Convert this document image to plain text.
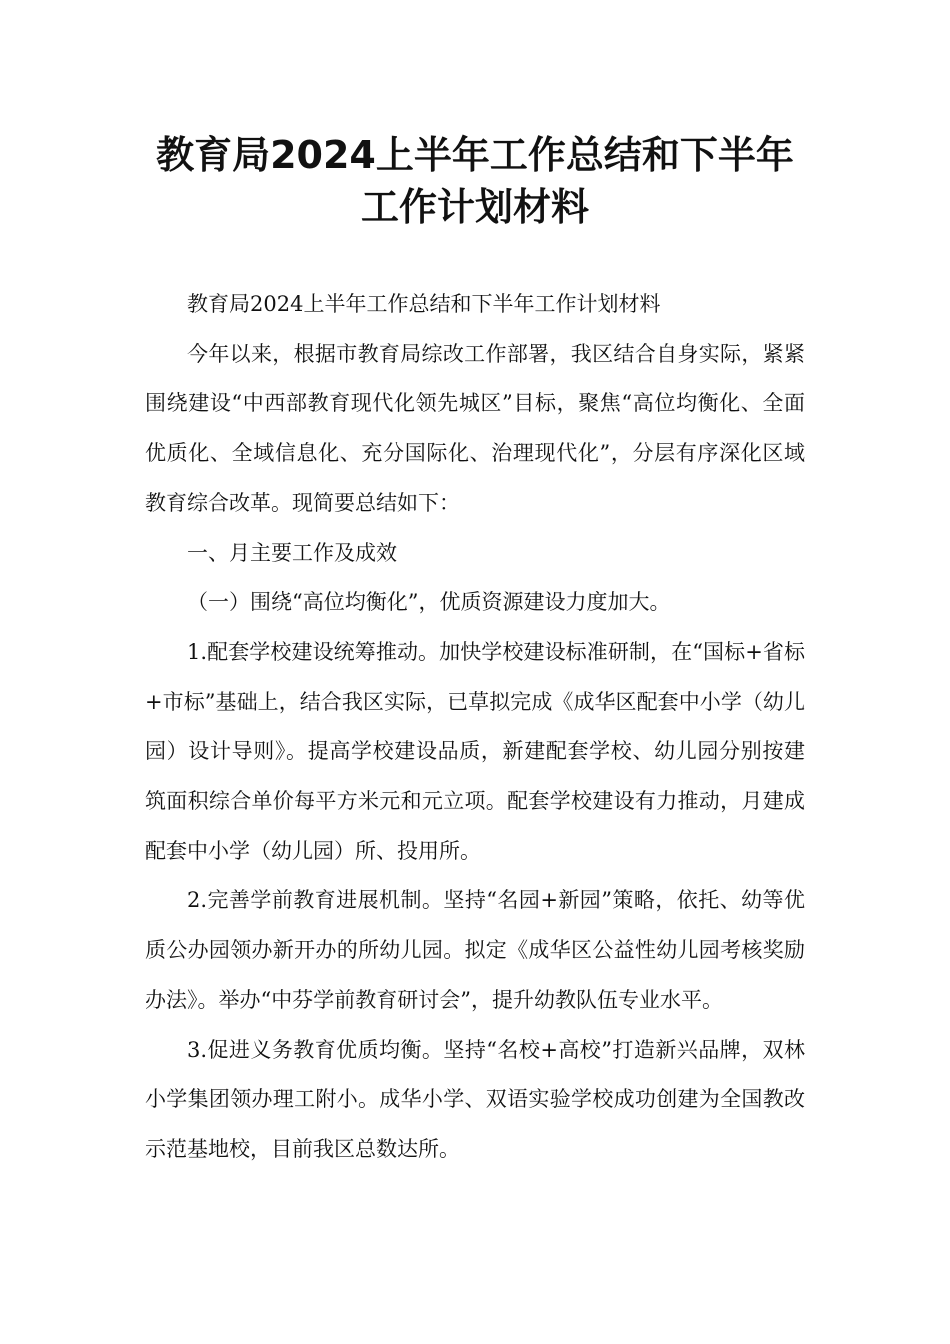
教育局2024上半年工作总结和下半年
工作计划材料

教育局2024上半年工作总结和下半年工作计划材料

今年以来，根据市教育局综改工作部署，我区结合自身实际，紧紧围绕建设“中西部教育现代化领先城区”目标，聚焦“高位均衡化、全面优质化、全域信息化、充分国际化、治理现代化”，分层有序深化区域教育综合改革。现简要总结如下：

一、月主要工作及成效

（一）围绕“高位均衡化”，优质资源建设力度加大。

1.配套学校建设统筹推动。加快学校建设标准研制，在“国标+省标+市标”基础上，结合我区实际，已草拟完成《成华区配套中小学（幼儿园）设计导则》。提高学校建设品质，新建配套学校、幼儿园分别按建筑面积综合单价每平方米元和元立项。配套学校建设有力推动，月建成配套中小学（幼儿园）所、投用所。

2.完善学前教育进展机制。坚持“名园+新园”策略，依托、幼等优质公办园领办新开办的所幼儿园。拟定《成华区公益性幼儿园考核奖励办法》。举办“中芬学前教育研讨会”，提升幼教队伍专业水平。

3.促进义务教育优质均衡。坚持“名校+高校”打造新兴品牌，双林小学集团领办理工附小。成华小学、双语实验学校成功创建为全国教改示范基地校，目前我区总数达所。
